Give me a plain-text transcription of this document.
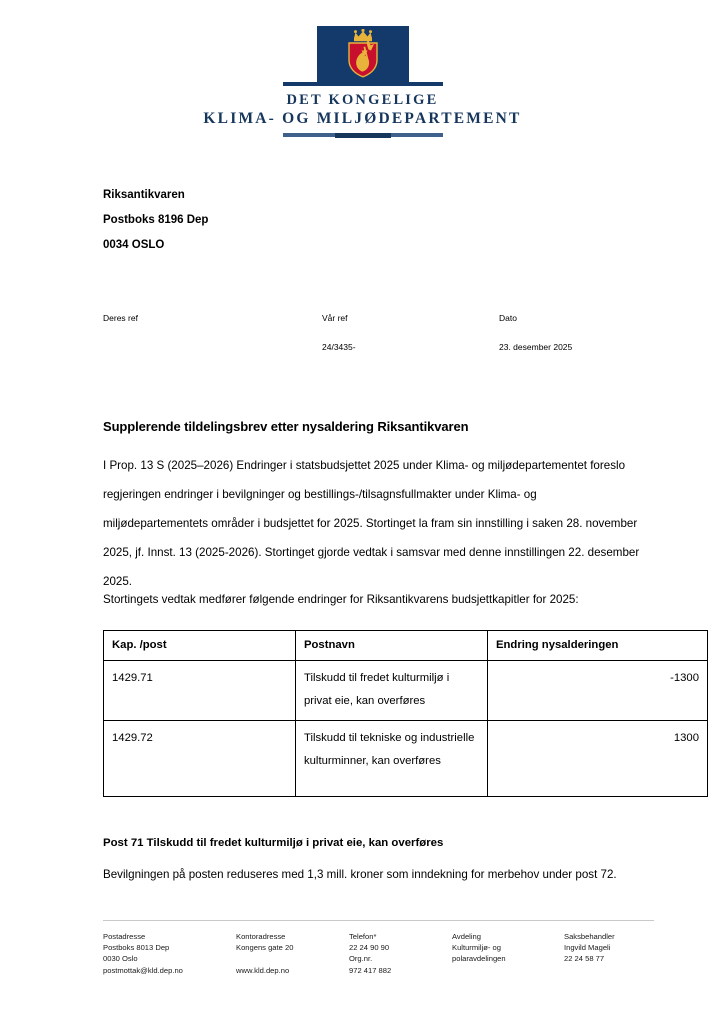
DET KONGELIGE
KLIMA- OG MILJØDEPARTEMENT
Riksantikvaren
Postboks 8196 Dep
0034 OSLO
Deres ref	Vår ref
24/3435-
Dato
23. desember 2025
Supplerende tildelingsbrev etter nysaldering Riksantikvaren
I Prop. 13 S (2025–2026) Endringer i statsbudsjettet 2025 under Klima- og miljødepartementet foreslo regjeringen endringer i bevilgninger og bestillings-/tilsagnsfullmakter under Klima- og miljødepartementets områder i budsjettet for 2025. Stortinget la fram sin innstilling i saken 28. november 2025, jf. Innst. 13 (2025-2026). Stortinget gjorde vedtak i samsvar med denne innstillingen 22. desember 2025.
Stortingets vedtak medfører følgende endringer for Riksantikvarens budsjettkapitler for 2025:
Kap. /post	Postnavn	Endring nysalderingen
1429.71	Tilskudd til fredet kulturmiljø i privat eie, kan overføres	-1300
1429.72	Tilskudd til tekniske og industrielle kulturminner, kan overføres	1300
Post 71 Tilskudd til fredet kulturmiljø i privat eie, kan overføres
Bevilgningen på posten reduseres med 1,3 mill. kroner som inndekning for merbehov under post 72.
Postadresse
Postboks 8013 Dep
0030 Oslo
postmottak@kld.dep.no
Kontoradresse
Kongens gate 20
www.kld.dep.no
Telefon*
22 24 90 90
Org.nr.
972 417 882
Avdeling
Kulturmiljø- og
polaravdelingen
Saksbehandler
Ingvild Mageli
22 24 58 77
